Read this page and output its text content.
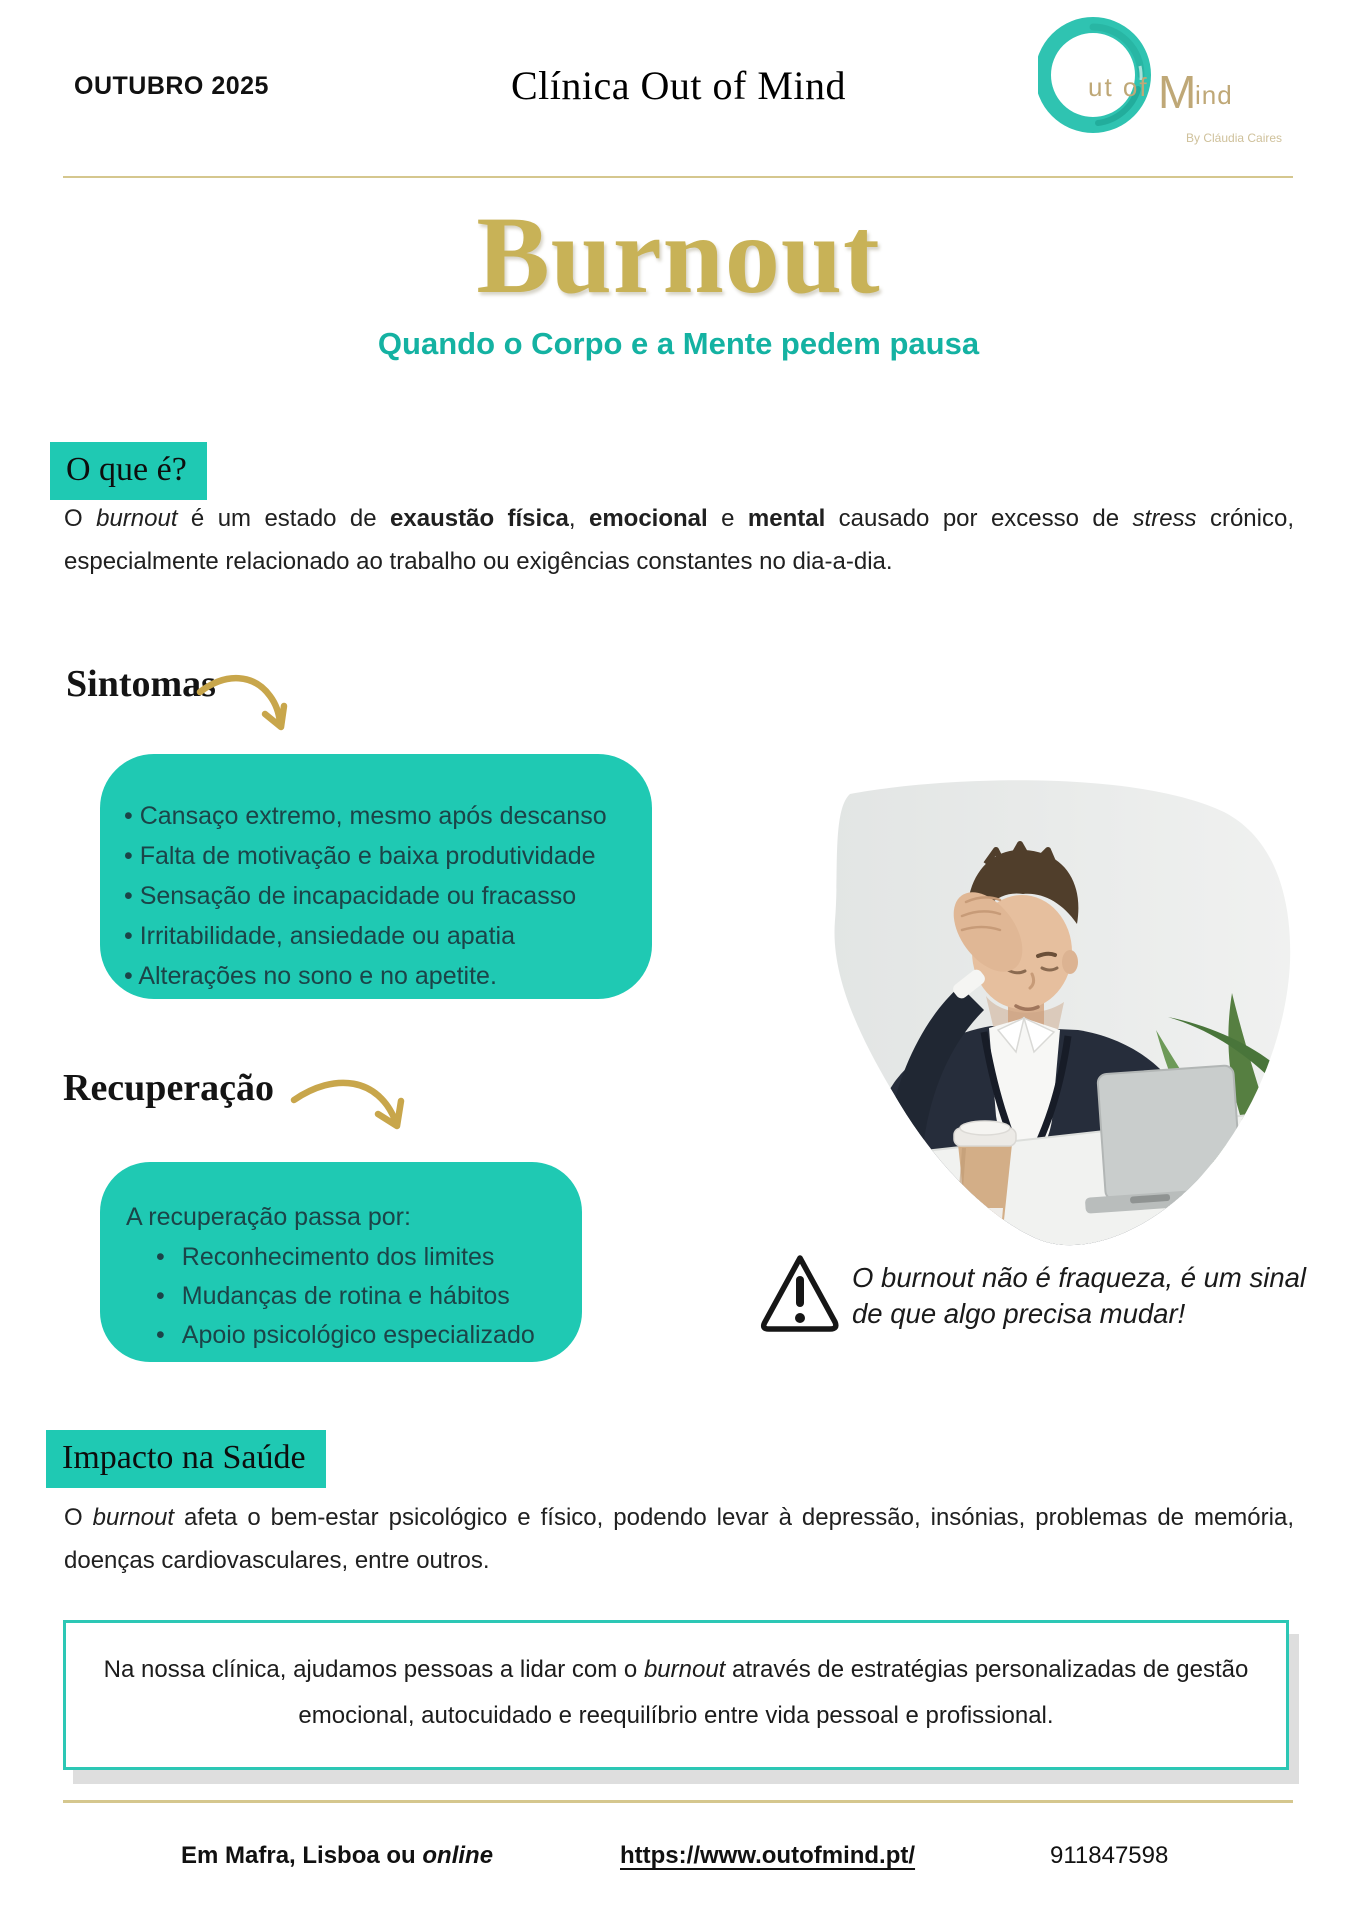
OUTUBRO 2025	Clínica Out of Mind	ut of M
ind
By Cláudia Caires
Burnout
Quando o Corpo e a Mente pedem pausa
O que é?

O burnout é um estado de exaustão física, emocional e mental causado por excesso de stress crónico, especialmente relacionado ao trabalho ou exigências constantes no dia-a-dia.

Sintomas
• Cansaço extremo, mesmo após descanso
• Falta de motivação e baixa produtividade
• Sensação de incapacidade ou fracasso
• Irritabilidade, ansiedade ou apatia
• Alterações no sono e no apetite.
Recuperação
A recuperação passa por:
• Reconhecimento dos limites
• Mudanças de rotina e hábitos
• Apoio psicológico especializado

O burnout não é fraqueza, é um sinal de que algo precisa mudar!

Impacto na Saúde

O burnout afeta o bem-estar psicológico e físico, podendo levar à depressão, insónias, problemas de memória, doenças cardiovasculares, entre outros.

Na nossa clínica, ajudamos pessoas a lidar com o burnout através de estratégias personalizadas de gestão emocional, autocuidado e reequilíbrio entre vida pessoal e profissional.

Em Mafra, Lisboa ou online	https://www.outofmind.pt/	911847598
